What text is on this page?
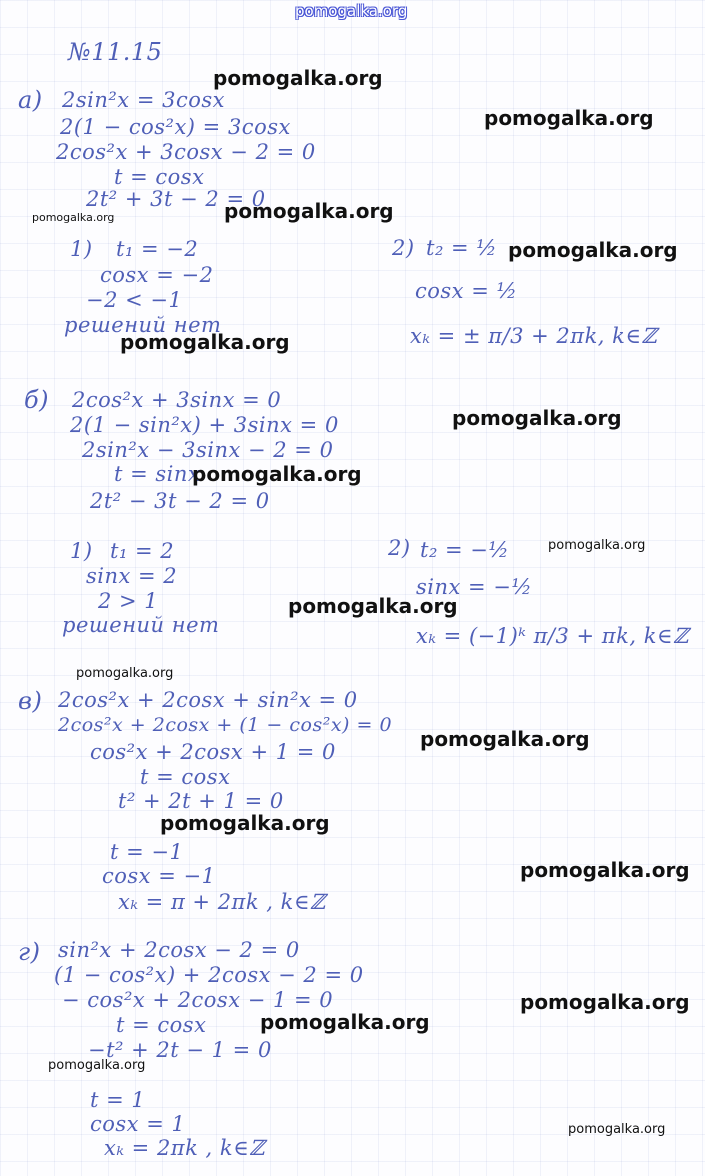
pomogalka.org
№11.15
а) 2sin²x = 3cosx
2(1 − cos²x) = 3cosx
2cos²x + 3cosx − 2 = 0
t = cosx
2t² + 3t − 2 = 0
1) t₁ = −2
cosx = −2
−2 < −1
решений нет
2) t₂ = ½
cosx = ½
xₖ = ± π/3 + 2πk, k∈ℤ
б) 2cos²x + 3sinx = 0
2(1 − sin²x) + 3sinx = 0
2sin²x − 3sinx − 2 = 0
t = sinx
2t² − 3t − 2 = 0
1) t₁ = 2
sinx = 2
2 > 1
решений нет
2) t₂ = −½
sinx = −½
xₖ = (−1)ᵏ π/3 + πk, k∈ℤ
в) 2cos²x + 2cosx + sin²x = 0
2cos²x + 2cosx + (1 − cos²x) = 0
cos²x + 2cosx + 1 = 0
t = cosx
t² + 2t + 1 = 0
t = −1
cosx = −1
xₖ = π + 2πk , k∈ℤ
г) sin²x + 2cosx − 2 = 0
(1 − cos²x) + 2cosx − 2 = 0
− cos²x + 2cosx − 1 = 0
t = cosx
−t² + 2t − 1 = 0
t = 1
cosx = 1
xₖ = 2πk , k∈ℤ
pomogalka.org
pomogalka.org
pomogalka.org
pomogalka.org
pomogalka.org
pomogalka.org
pomogalka.org
pomogalka.org
pomogalka.org
pomogalka.org
pomogalka.org
pomogalka.org
pomogalka.org
pomogalka.org
pomogalka.org
pomogalka.org
pomogalka.org
pomogalka.org
